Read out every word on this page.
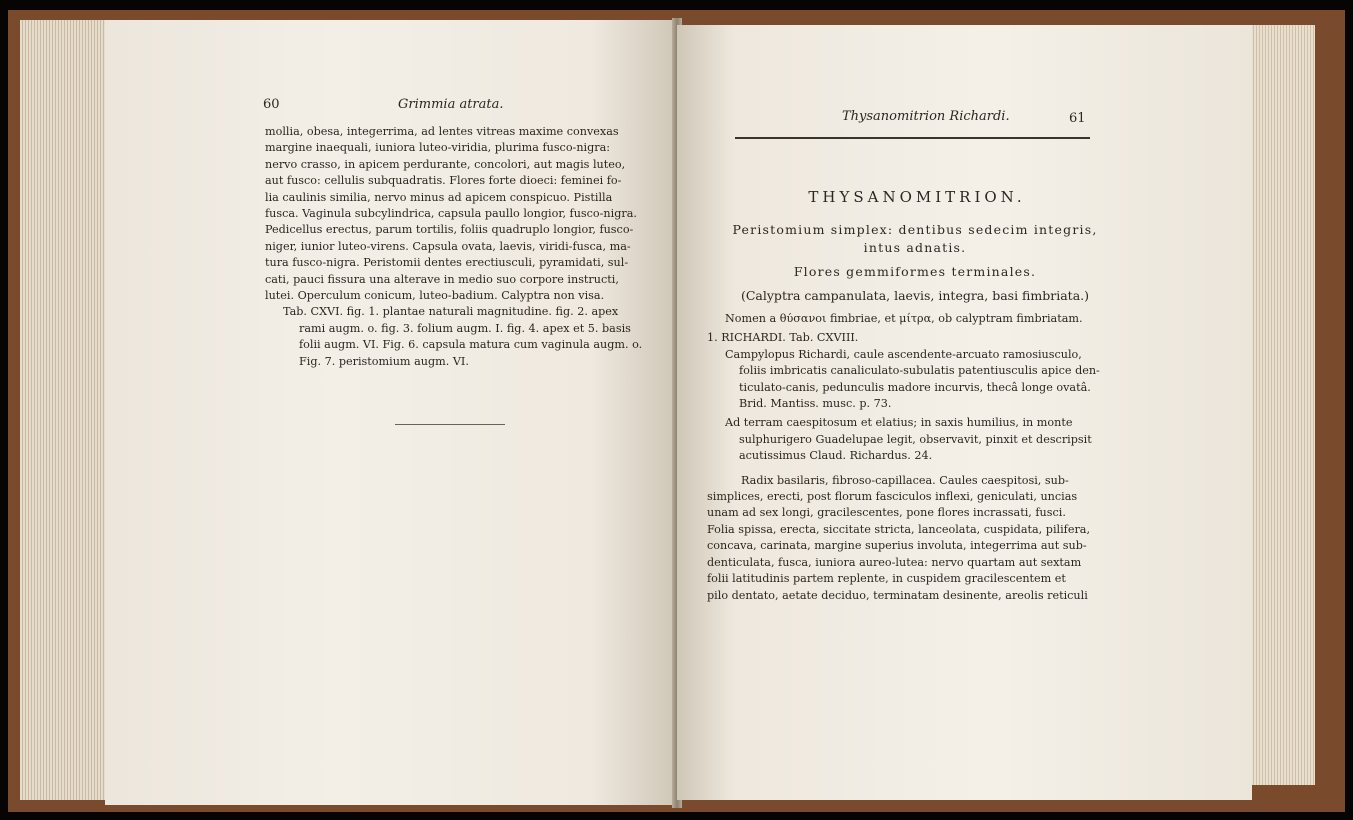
60	Grimmia atrata.
mollia, obesa, integerrima, ad lentes vitreas maxime convexas
margine inaequali, iuniora luteo-viridia, plurima fusco-nigra:
nervo crasso, in apicem perdurante, concolori, aut magis luteo,
aut fusco: cellulis subquadratis. Flores forte dioeci: feminei fo-
lia caulinis similia, nervo minus ad apicem conspicuo. Pistilla
fusca. Vaginula subcylindrica, capsula paullo longior, fusco-nigra.
Pedicellus erectus, parum tortilis, foliis quadruplo longior, fusco-
niger, iunior luteo-virens. Capsula ovata, laevis, viridi-fusca, ma-
tura fusco-nigra. Peristomii dentes erectiusculi, pyramidati, sul-
cati, pauci fissura una alterave in medio suo corpore instructi,
lutei. Operculum conicum, luteo-badium. Calyptra non visa.
Tab. CXVI. fig. 1. plantae naturali magnitudine. fig. 2. apex
rami augm. o. fig. 3. folium augm. I. fig. 4. apex et 5. basis
folii augm. VI. Fig. 6. capsula matura cum vaginula augm. o.
Fig. 7. peristomium augm. VI.
Thysanomitrion Richardi.	61
THYSANOMITRION.
Peristomium simplex: dentibus sedecim integris,
intus adnatis.
Flores gemmiformes terminales.
(Calyptra campanulata, laevis, integra, basi fimbriata.)
Nomen a θύσανοι fimbriae, et μίτρα, ob calyptram fimbriatam.
1. RICHARDI. Tab. CXVIII.
Campylopus Richardi, caule ascendente-arcuato ramosiusculo,
foliis imbricatis canaliculato-subulatis patentiusculis apice den-
ticulato-canis, pedunculis madore incurvis, thecâ longe ovatâ.
Brid. Mantiss. musc. p. 73.
Ad terram caespitosum et elatius; in saxis humilius, in monte
sulphurigero Guadelupae legit, observavit, pinxit et descripsit
acutissimus Claud. Richardus. 24.
Radix basilaris, fibroso-capillacea. Caules caespitosi, sub-
simplices, erecti, post florum fasciculos inflexi, geniculati, uncias
unam ad sex longi, gracilescentes, pone flores incrassati, fusci.
Folia spissa, erecta, siccitate stricta, lanceolata, cuspidata, pilifera,
concava, carinata, margine superius involuta, integerrima aut sub-
denticulata, fusca, iuniora aureo-lutea: nervo quartam aut sextam
folii latitudinis partem replente, in cuspidem gracilescentem et
pilo dentato, aetate deciduo, terminatam desinente, areolis reticuli
